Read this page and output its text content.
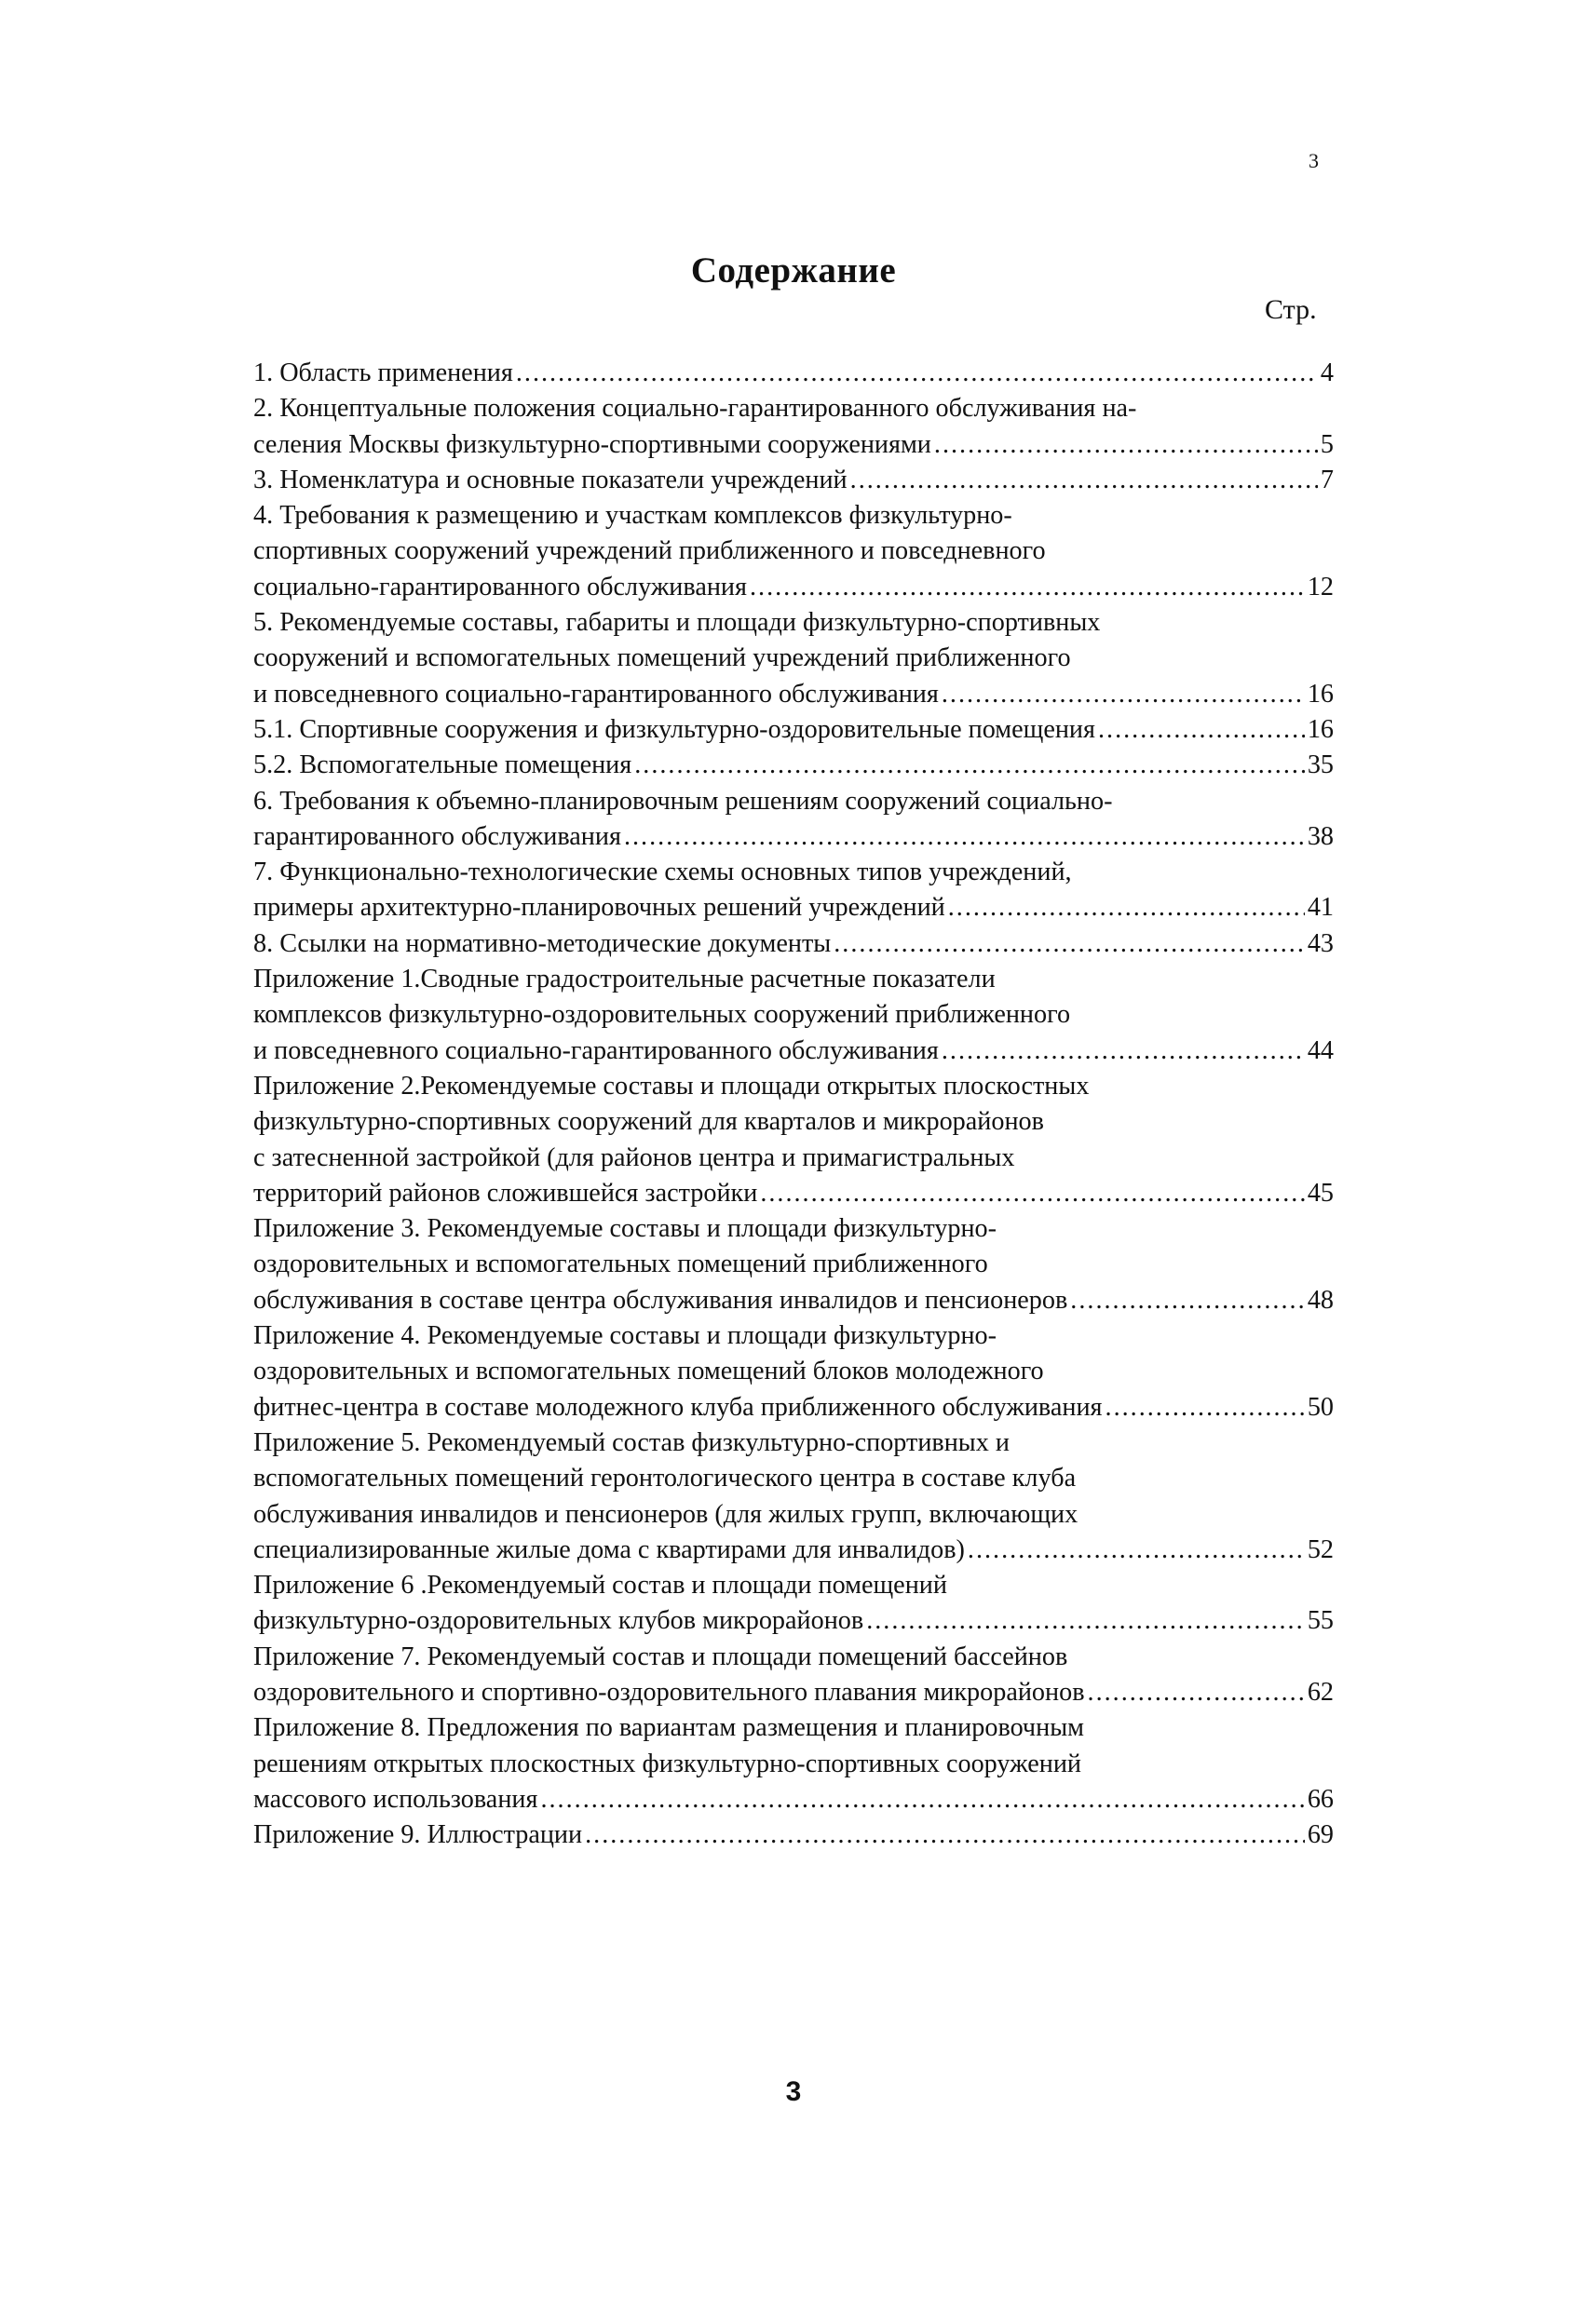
3
Содержание
Стр.
1. Область применения .....	4
2. Концептуальные положения социально-гарантированного обслуживания на-
селения Москвы физкультурно-спортивными сооружениями .....	5
3. Номенклатура и основные показатели учреждений .....	7
4. Требования к размещению и участкам комплексов физкультурно-
спортивных сооружений учреждений приближенного и повседневного
социально-гарантированного обслуживания .....	12
5. Рекомендуемые составы, габариты и площади физкультурно-спортивных
сооружений и вспомогательных помещений учреждений приближенного
и повседневного социально-гарантированного обслуживания .....	16
5.1. Спортивные сооружения и физкультурно-оздоровительные помещения .....	16
5.2. Вспомогательные помещения .....	35
6. Требования к объемно-планировочным решениям сооружений социально-
гарантированного обслуживания .....	38
7. Функционально-технологические схемы основных типов учреждений,
примеры архитектурно-планировочных решений учреждений .....	41
8. Ссылки на нормативно-методические документы .....	43
Приложение 1.Сводные градостроительные расчетные показатели
комплексов физкультурно-оздоровительных сооружений приближенного
и повседневного социально-гарантированного обслуживания .....	44
Приложение 2.Рекомендуемые составы и площади открытых плоскостных
физкультурно-спортивных сооружений для кварталов и микрорайонов
с затесненной застройкой (для районов центра и примагистральных
территорий районов сложившейся застройки .....	45
Приложение 3. Рекомендуемые составы и площади физкультурно-
оздоровительных и вспомогательных помещений приближенного
обслуживания в составе центра обслуживания инвалидов и пенсионеров .....	48
Приложение 4. Рекомендуемые составы и площади физкультурно-
оздоровительных и вспомогательных помещений блоков молодежного
фитнес-центра в составе молодежного клуба приближенного обслуживания .....	50
Приложение 5. Рекомендуемый состав физкультурно-спортивных и
вспомогательных помещений геронтологического центра в составе клуба
обслуживания инвалидов и пенсионеров (для жилых групп, включающих
специализированные жилые дома с квартирами для инвалидов) .....	52
Приложение 6 .Рекомендуемый состав и площади помещений
физкультурно-оздоровительных клубов микрорайонов .....	55
Приложение 7. Рекомендуемый состав и площади помещений бассейнов
оздоровительного и спортивно-оздоровительного плавания микрорайонов .....	62
Приложение 8. Предложения по вариантам размещения и планировочным
решениям открытых плоскостных физкультурно-спортивных сооружений
массового использования .....	66
Приложение 9. Иллюстрации .....	69
3
